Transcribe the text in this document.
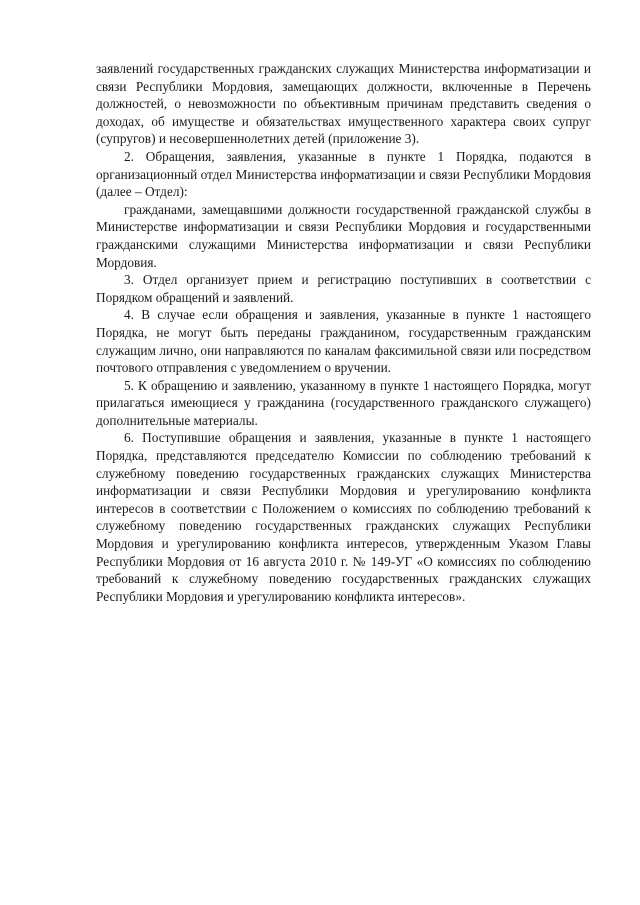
заявлений государственных гражданских служащих Министерства информатизации и связи Республики Мордовия, замещающих должности, включенные в Перечень должностей, о невозможности по объективным причинам представить сведения о доходах, об имуществе и обязательствах имущественного характера своих супруг (супругов) и несовершеннолетних детей (приложение 3).

2. Обращения, заявления, указанные в пункте 1 Порядка, подаются в организационный отдел Министерства информатизации и связи Республики Мордовия (далее – Отдел):

гражданами, замещавшими должности государственной гражданской службы в Министерстве информатизации и связи Республики Мордовия и государственными гражданскими служащими Министерства информатизации и связи Республики Мордовия.

3. Отдел организует прием и регистрацию поступивших в соответствии с Порядком обращений и заявлений.

4. В случае если обращения и заявления, указанные в пункте 1 настоящего Порядка, не могут быть переданы гражданином, государственным гражданским служащим лично, они направляются по каналам факсимильной связи или посредством почтового отправления с уведомлением о вручении.

5. К обращению и заявлению, указанному в пункте 1 настоящего Порядка, могут прилагаться имеющиеся у гражданина (государственного гражданского служащего) дополнительные материалы.

6. Поступившие обращения и заявления, указанные в пункте 1 настоящего Порядка, представляются председателю Комиссии по соблюдению требований к служебному поведению государственных гражданских служащих Министерства информатизации и связи Республики Мордовия и урегулированию конфликта интересов в соответствии с Положением о комиссиях по соблюдению требований к служебному поведению государственных гражданских служащих Республики Мордовия и урегулированию конфликта интересов, утвержденным Указом Главы Республики Мордовия от 16 августа 2010 г. № 149-УГ «О комиссиях по соблюдению требований к служебному поведению государственных гражданских служащих Республики Мордовия и урегулированию конфликта интересов».
